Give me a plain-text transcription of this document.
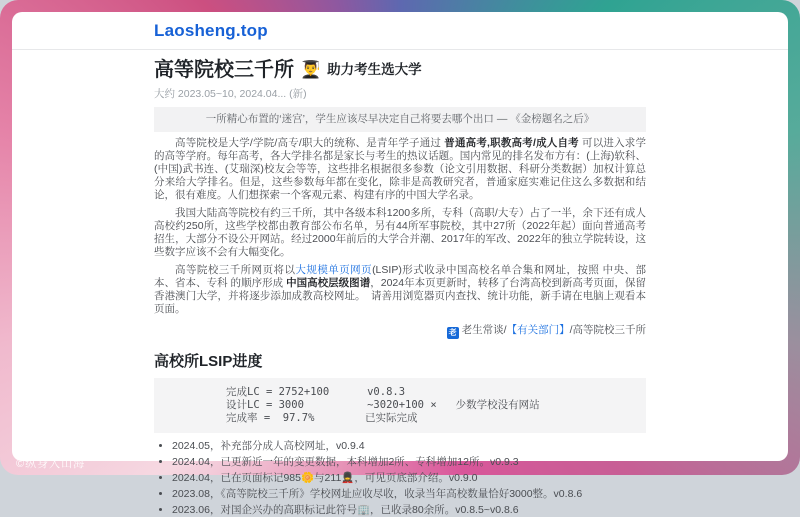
Laosheng.top
高等院校三千所 👨‍🎓 助力考生选大学
大约 2023.05~10, 2024.04... (新)
一所精心布置的‘迷宫’，学生应该尽早决定自己将要去哪个出口 — 《金榜题名之后》

高等院校是大学/学院/高专/职大的统称、是青年学子通过 普通高考,职教高考/成人自考 可以进入求学的高等学府。每年高考，各大学排名都是家长与考生的热议话题。国内常见的排名发布方有：(上海)软科、(中国)武书连、(艾瑞深)校友会等等，这些排名根据很多参数（论文引用数据、科研分类数据）加权计算总分来给大学排名。但是，这些参数每年都在变化，除非是高教研究者，普通家庭实难记住这么多数据和结论，很有难度。人们想探索一个客观元素、构建有序的中国大学名录。

我国大陆高等院校有约三千所，其中各级本科1200多所，专科（高职/大专）占了一半，余下还有成人高校约250所，这些学校都由教育部公布名单，另有44所军事院校，其中27所（2022年起）面向普通高考招生，大部分不设公开网站。经过2000年前后的大学合并潮、2017年的军改、2022年的独立学院转设，这些数字应该不会有大幅变化。

高等院校三千所网页将以大规模单页网页(LSIP)形式收录中国高校名单合集和网址，按照 中央、部本、省本、专科 的顺序形成 中国高校层级图谱，2024年本页更新时，转移了台湾高校到新高考页面，保留香港澳门大学，并将逐步添加成教高校网址。　请善用浏览器页内查找、统计功能，新手请在电脑上观看本页面。

老 老生常谈/【有关部门】/高等院校三千所
高校所LSIP进度
完成LC = 2752+100      v0.8.3
设计LC = 3000          ~3020+100 ×   少数学校没有网站
完成率 =  97.7%        已实际完成
• 2024.05，补充部分成人高校网址，v0.9.4
• 2024.04，已更新近一年的变更数据，本科增加2所、专科增加12所。v0.9.3
• 2024.04，已在页面标记985🌼与211💂，可见页底部介绍。v0.9.0
• 2023.08，《高等院校三千所》学校网址应收尽收，收录当年高校数量恰好3000整。v0.8.6
• 2023.06，对国企兴办的高职标记此符号🏢，已收录80余所。v0.8.5~v0.8.6
©纵身入山海
